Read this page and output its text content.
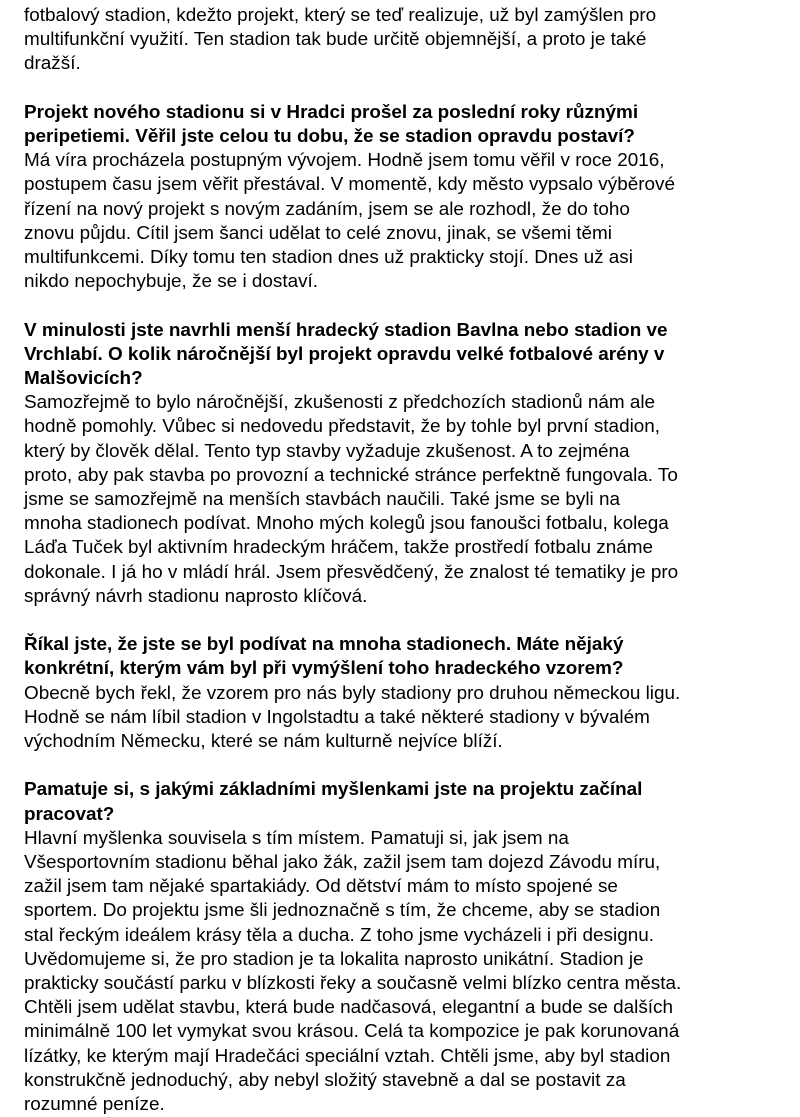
fotbalový stadion, kdežto projekt, který se teď realizuje, už byl zamýšlen pro
multifunkční využití. Ten stadion tak bude určitě objemnější, a proto je také
dražší.
Projekt nového stadionu si v Hradci prošel za poslední roky různými
peripetiemi. Věřil jste celou tu dobu, že se stadion opravdu postaví?
Má víra procházela postupným vývojem. Hodně jsem tomu věřil v roce 2016,
postupem času jsem věřit přestával. V momentě, kdy město vypsalo výběrové
řízení na nový projekt s novým zadáním, jsem se ale rozhodl, že do toho
znovu půjdu. Cítil jsem šanci udělat to celé znovu, jinak, se všemi těmi
multifunkcemi. Díky tomu ten stadion dnes už prakticky stojí. Dnes už asi
nikdo nepochybuje, že se i dostaví.
V minulosti jste navrhli menší hradecký stadion Bavlna nebo stadion ve
Vrchlabí. O kolik náročnější byl projekt opravdu velké fotbalové arény v
Malšovicích?
Samozřejmě to bylo náročnější, zkušenosti z předchozích stadionů nám ale
hodně pomohly. Vůbec si nedovedu představit, že by tohle byl první stadion,
který by člověk dělal. Tento typ stavby vyžaduje zkušenost. A to zejména
proto, aby pak stavba po provozní a technické stránce perfektně fungovala. To
jsme se samozřejmě na menších stavbách naučili. Také jsme se byli na
mnoha stadionech podívat. Mnoho mých kolegů jsou fanoušci fotbalu, kolega
Láďa Tuček byl aktivním hradeckým hráčem, takže prostředí fotbalu známe
dokonale. I já ho v mládí hrál. Jsem přesvědčený, že znalost té tematiky je pro
správný návrh stadionu naprosto klíčová.
Říkal jste, že jste se byl podívat na mnoha stadionech. Máte nějaký
konkrétní, kterým vám byl při vymýšlení toho hradeckého vzorem?
Obecně bych řekl, že vzorem pro nás byly stadiony pro druhou německou ligu.
Hodně se nám líbil stadion v Ingolstadtu a také některé stadiony v bývalém
východním Německu, které se nám kulturně nejvíce blíží.
Pamatuje si, s jakými základními myšlenkami jste na projektu začínal
pracovat?
Hlavní myšlenka souvisela s tím místem. Pamatuji si, jak jsem na
Všesportovním stadionu běhal jako žák, zažil jsem tam dojezd Závodu míru,
zažil jsem tam nějaké spartakiády. Od dětství mám to místo spojené se
sportem. Do projektu jsme šli jednoznačně s tím, že chceme, aby se stadion
stal řeckým ideálem krásy těla a ducha. Z toho jsme vycházeli i při designu.
Uvědomujeme si, že pro stadion je ta lokalita naprosto unikátní. Stadion je
prakticky součástí parku v blízkosti řeky a současně velmi blízko centra města.
Chtěli jsem udělat stavbu, která bude nadčasová, elegantní a bude se dalších
minimálně 100 let vymykat svou krásou. Celá ta kompozice je pak korunovaná
lízátky, ke kterým mají Hradečáci speciální vztah. Chtěli jsme, aby byl stadion
konstrukčně jednoduchý, aby nebyl složitý stavebně a dal se postavit za
rozumné peníze.
